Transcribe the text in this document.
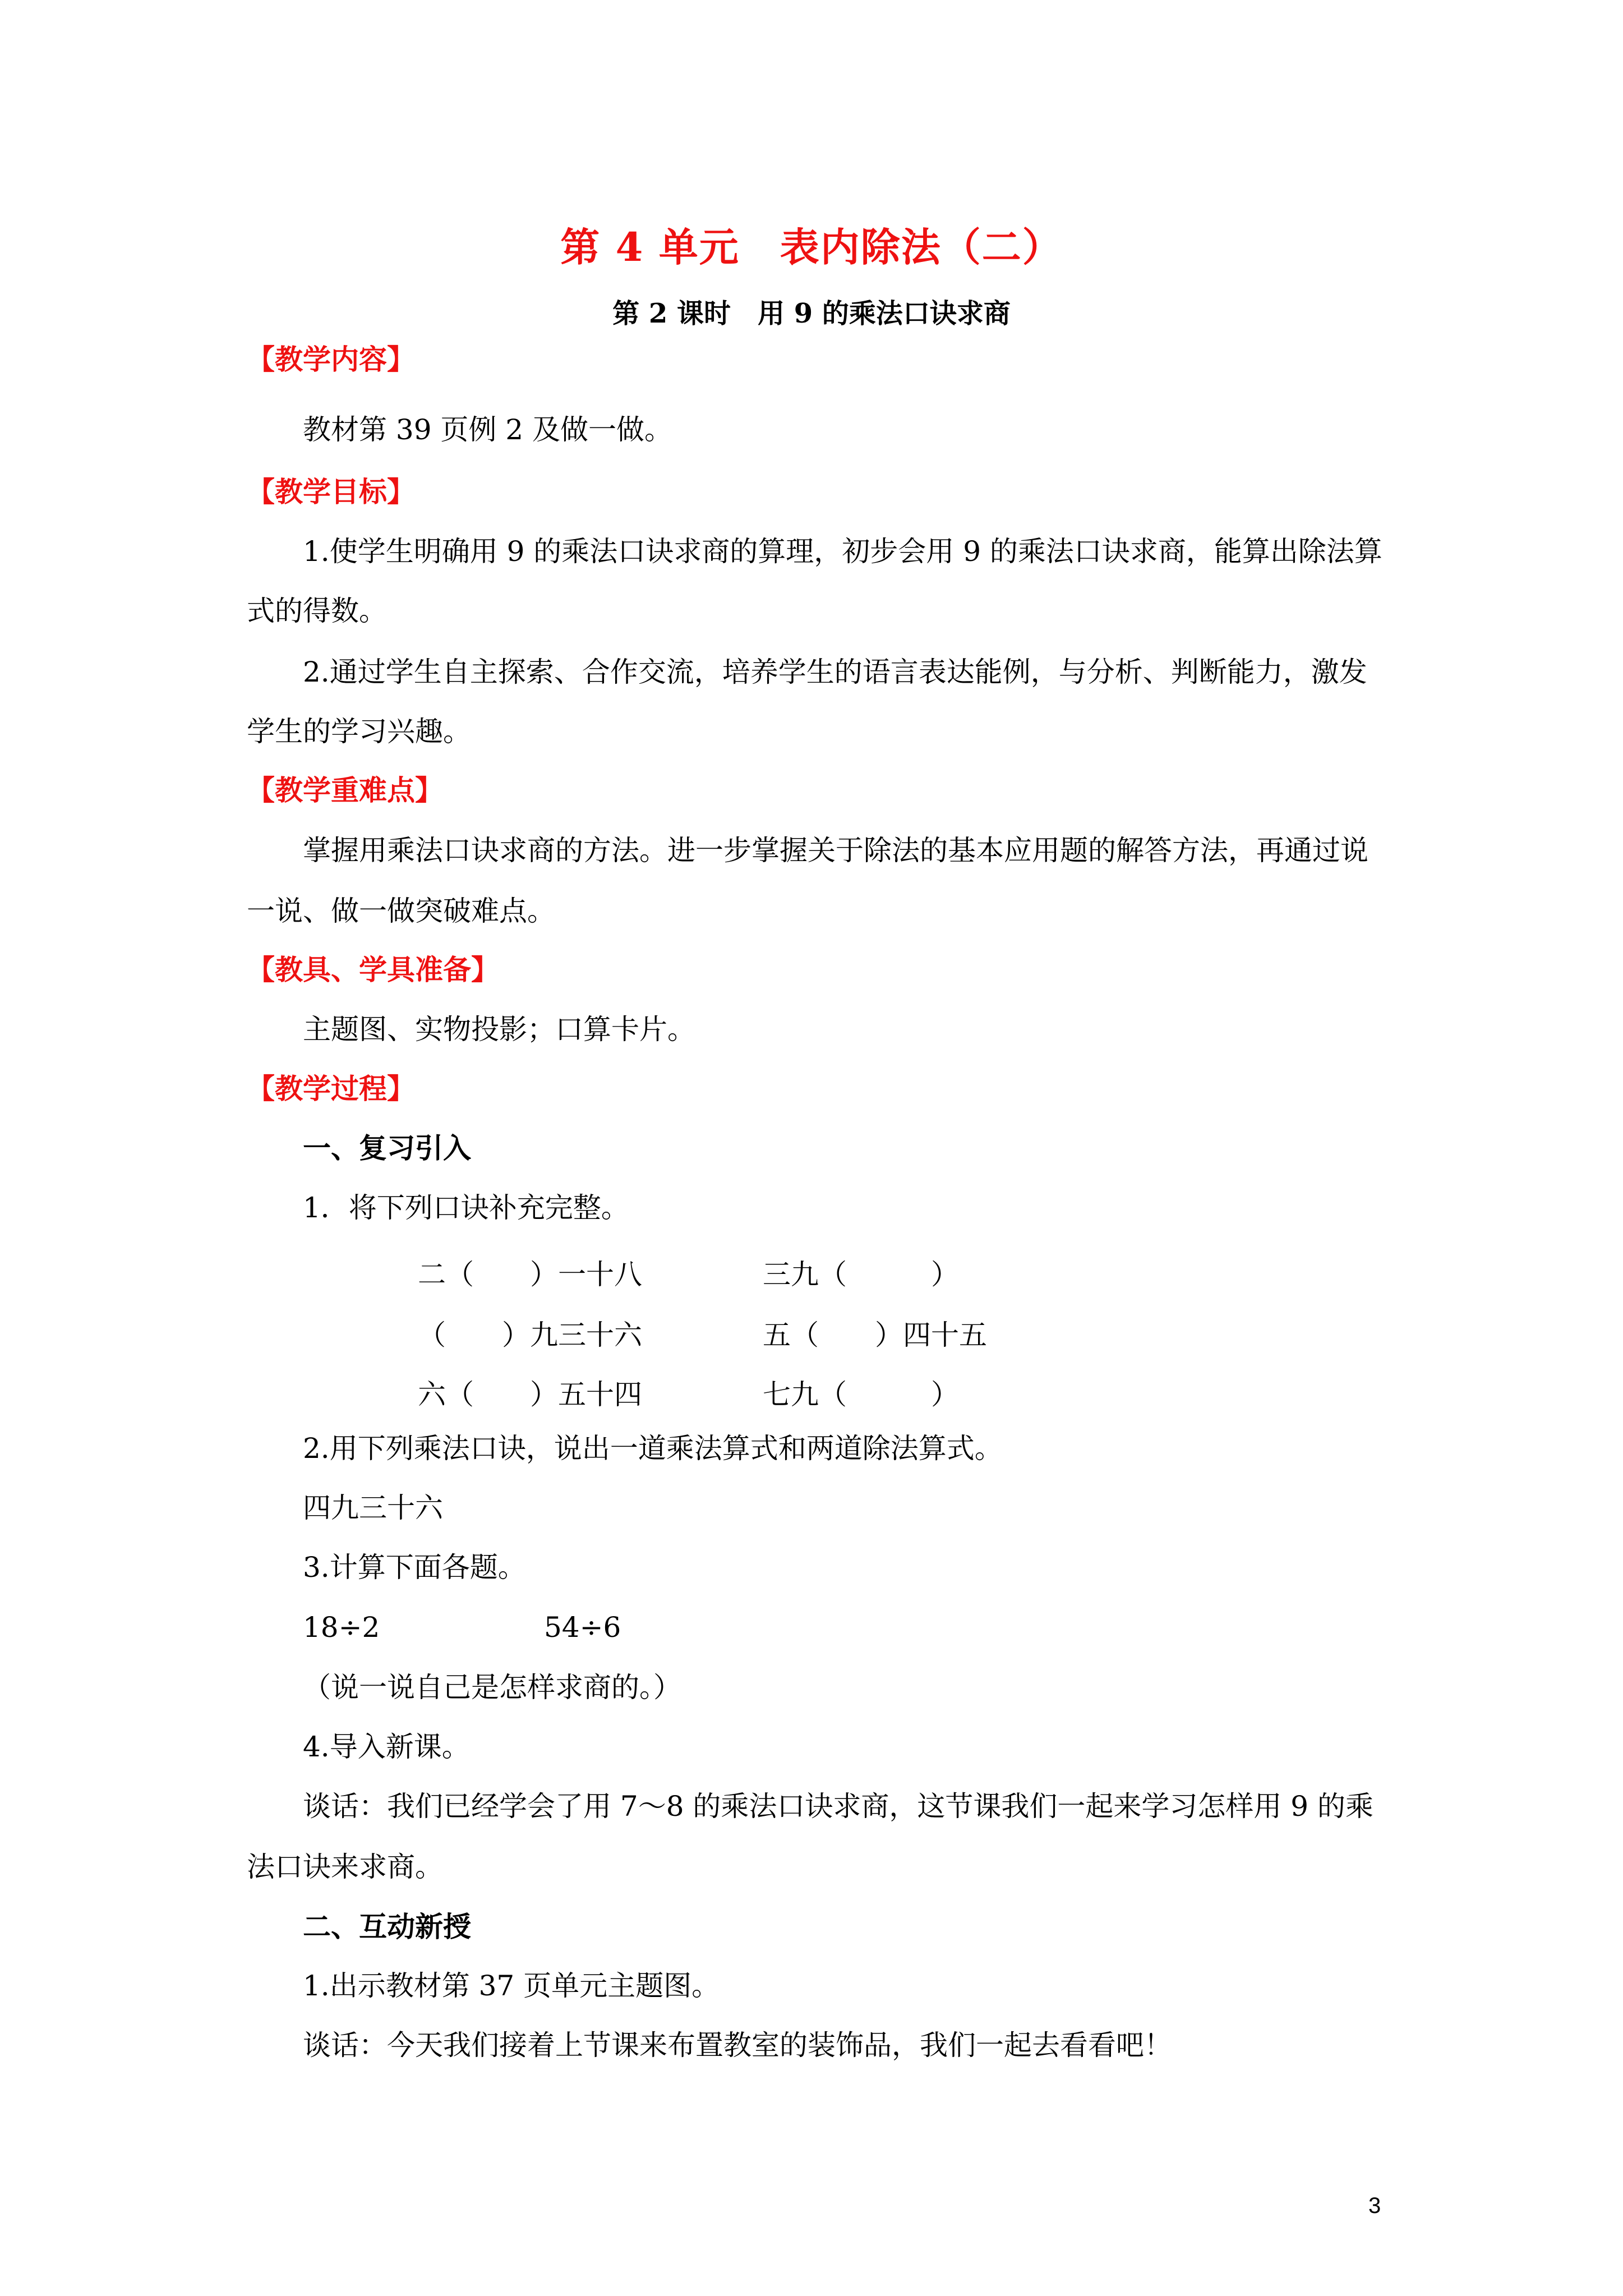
第 4 单元　表内除法（二）
第 2 课时　用 9 的乘法口诀求商
【教学内容】
教材第 39 页例 2 及做一做。
【教学目标】
1.使学生明确用 9 的乘法口诀求商的算理，初步会用 9 的乘法口诀求商，能算出除法算
式的得数。
2.通过学生自主探索、合作交流，培养学生的语言表达能例，与分析、判断能力，激发
学生的学习兴趣。
【教学重难点】
掌握用乘法口诀求商的方法。进一步掌握关于除法的基本应用题的解答方法，再通过说
一说、做一做突破难点。
【教具、学具准备】
主题图、实物投影；口算卡片。
【教学过程】
一、复习引入
1．将下列口诀补充完整。
二（　　）一十八	三九（　　　）
（　　）九三十六	五（　　）四十五
六（　　）五十四	七九（　　　）
2.用下列乘法口诀，说出一道乘法算式和两道除法算式。
四九三十六
3.计算下面各题。
18÷2	54÷6
（说一说自己是怎样求商的。）
4.导入新课。
谈话：我们已经学会了用 7～8 的乘法口诀求商，这节课我们一起来学习怎样用 9 的乘
法口诀来求商。
二、互动新授
1.出示教材第 37 页单元主题图。
谈话：今天我们接着上节课来布置教室的装饰品，我们一起去看看吧！
3
